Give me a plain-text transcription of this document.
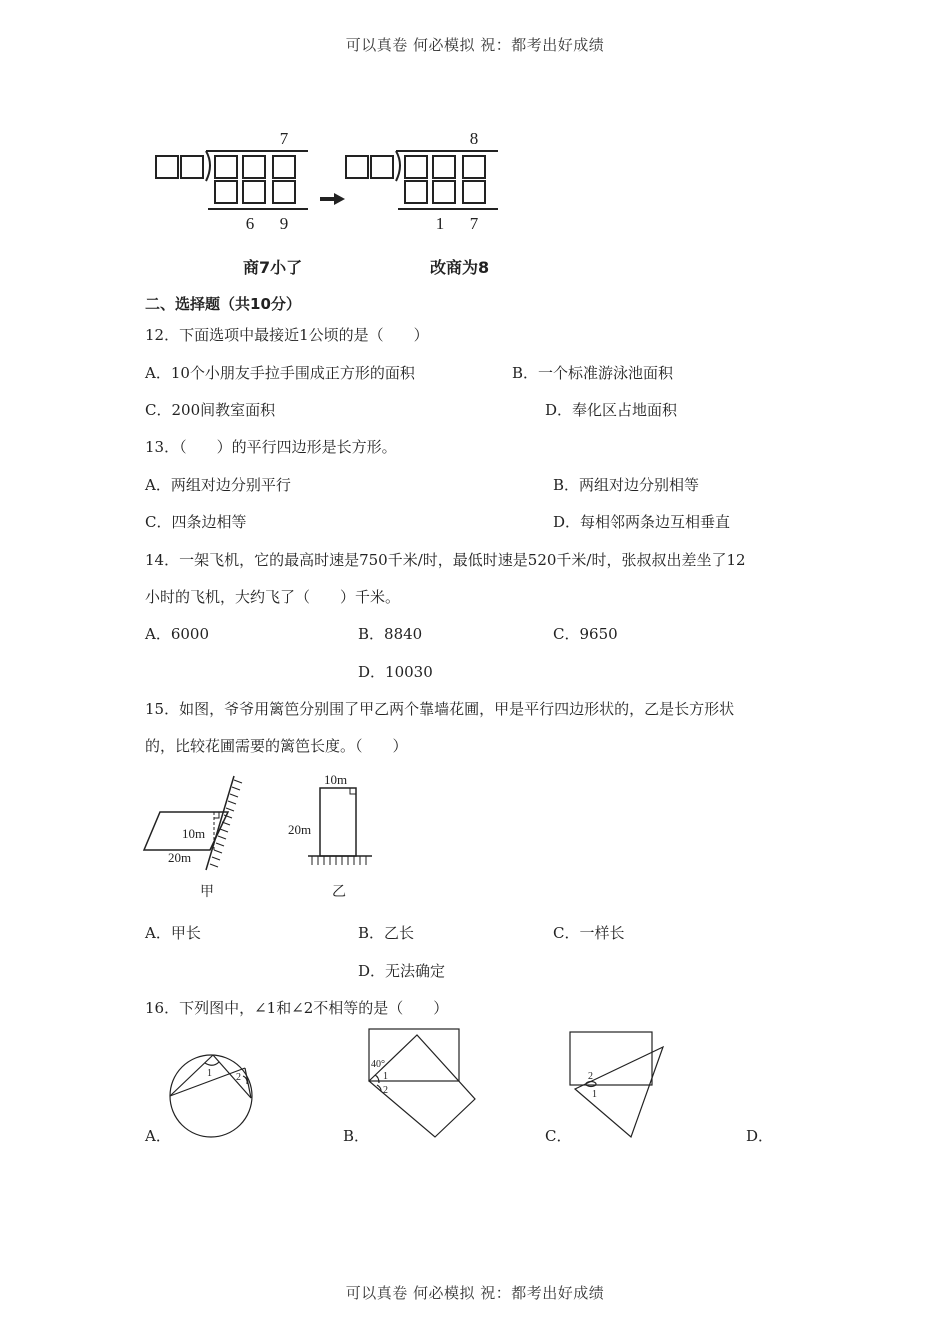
可以真卷 何必模拟 祝：都考出好成绩
7
6 9
8
1 7
商7小了	改商为8
二、选择题（共10分）
12．下面选项中最接近1公顷的是（　　）
A．10个小朋友手拉手围成正方形的面积	B．一个标准游泳池面积
C．200间教室面积	D．奉化区占地面积
13．（　　）的平行四边形是长方形。
A．两组对边分别平行	B．两组对边分别相等
C．四条边相等	D．每相邻两条边互相垂直
14．一架飞机，它的最高时速是750千米/时，最低时速是520千米/时，张叔叔出差坐了12
小时的飞机，大约飞了（　　）千米。
A．6000	B．8840	C．9650
D．10030
15．如图，爷爷用篱笆分别围了甲乙两个靠墙花圃，甲是平行四边形状的，乙是长方形状
的，比较花圃需要的篱笆长度。（　　）
10m
20m
甲
10m
20m
乙
A．甲长	B．乙长	C．一样长
D．无法确定
16．下列图中，∠1和∠2不相等的是（　　）
1 2
40°
1
2
2
1
A．	B．	C．	D．
可以真卷 何必模拟 祝：都考出好成绩
